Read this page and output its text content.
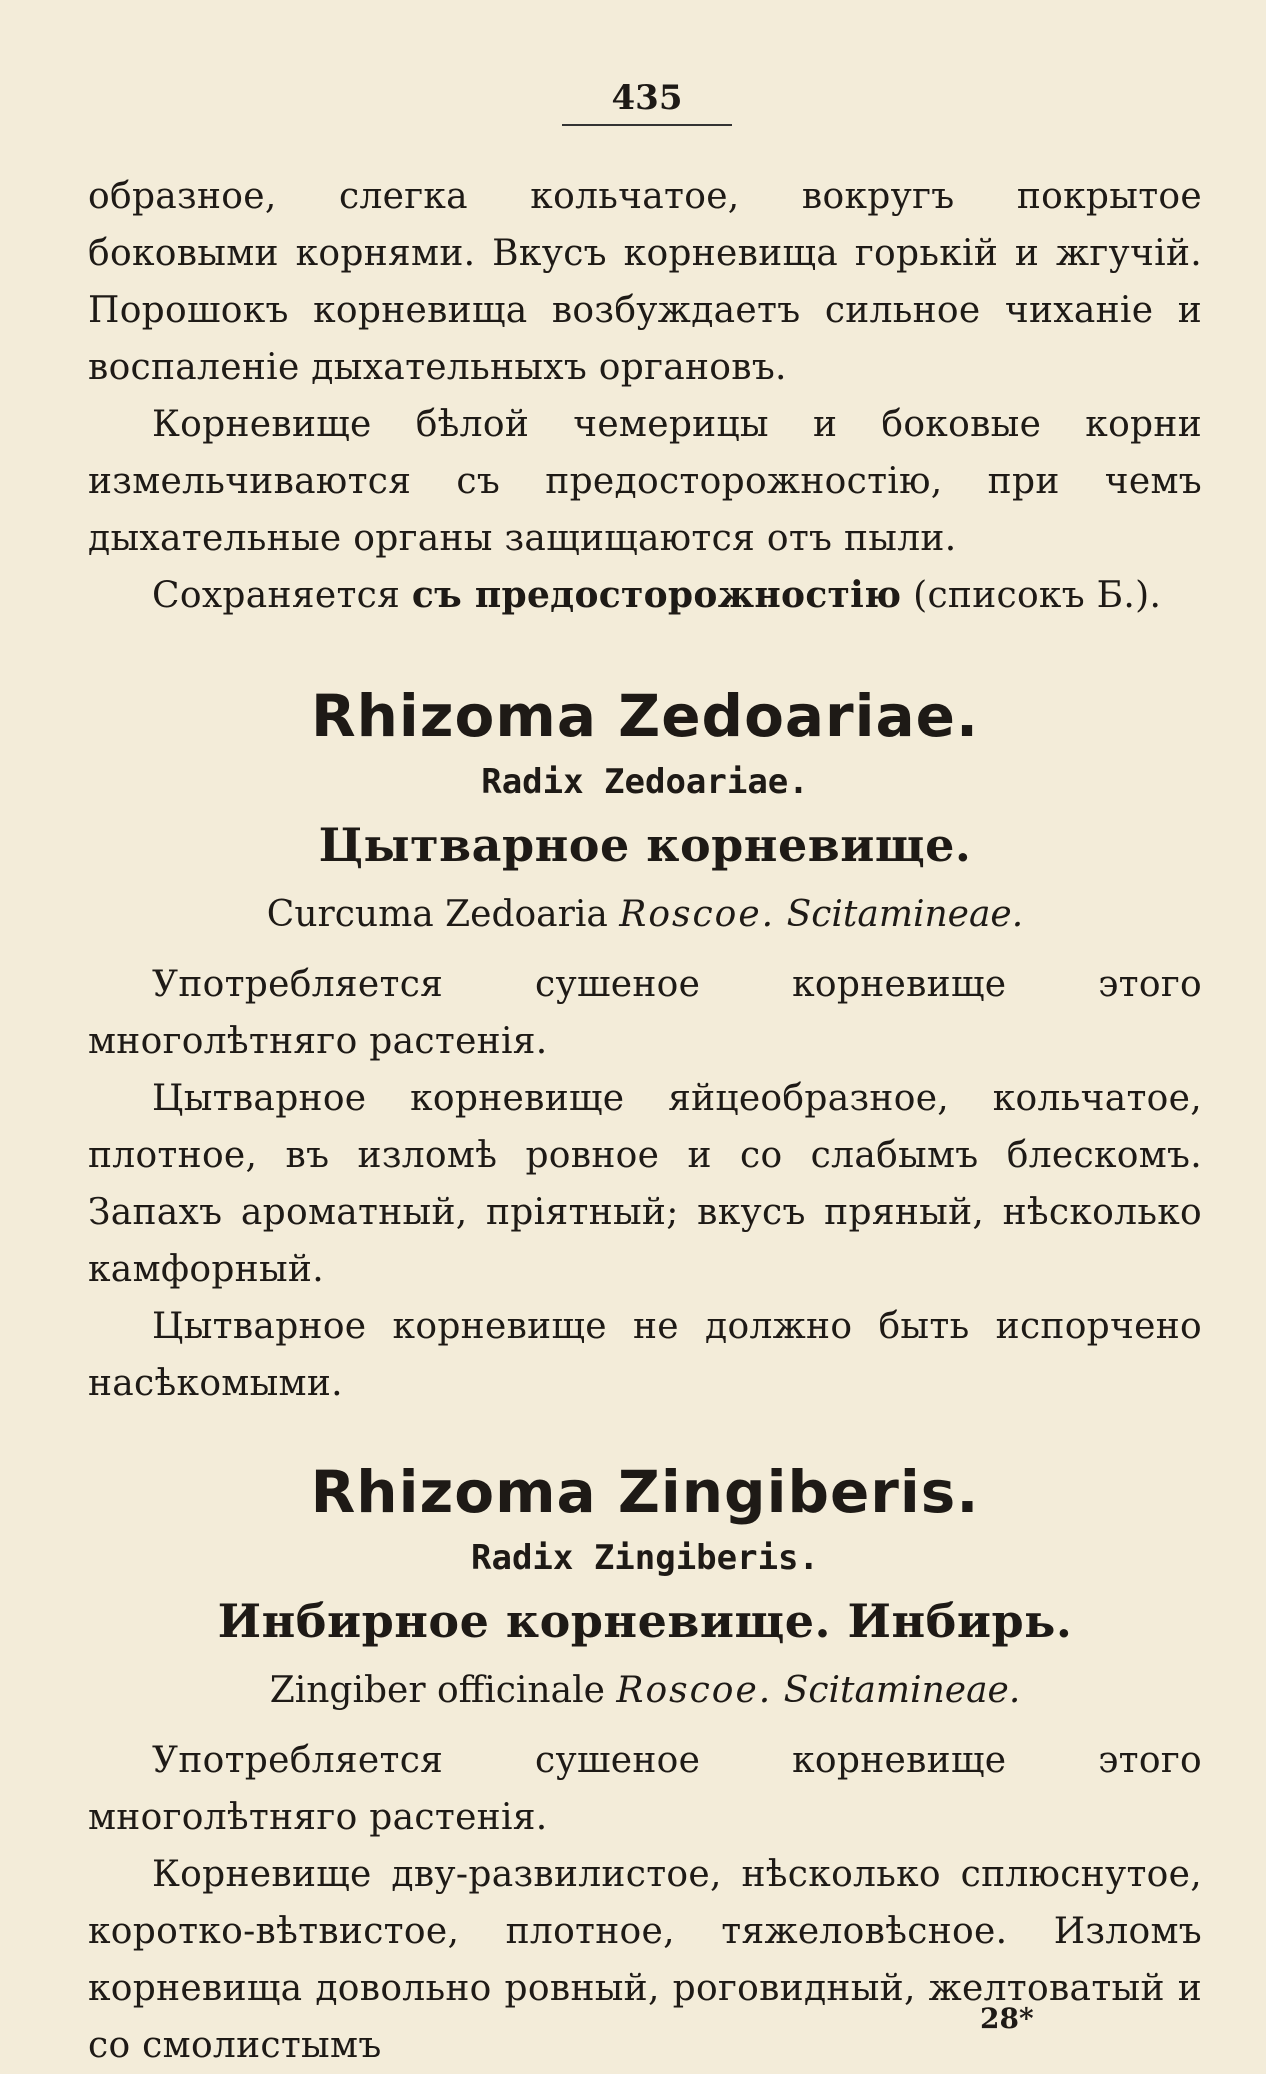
435

образное, слегка кольчатое, вокругъ покрытое боковыми корнями. Вкусъ корневища горькій и жгучій. Порошокъ корневища возбуждаетъ сильное чиханіе и воспаленіе дыхательныхъ органовъ.

Корневище бѣлой чемерицы и боковые корни измельчиваются съ предосторожностію, при чемъ дыхательные органы защищаются отъ пыли.

Сохраняется съ предосторожностію (списокъ Б.).

Rhizoma Zedoariae.
Radix Zedoariae.
Цытварное корневище.
Curcuma Zedoaria Roscoe. Scitamineae.

Употребляется сушеное корневище этого многолѣтняго растенія.

Цытварное корневище яйцеобразное, кольчатое, плотное, въ изломѣ ровное и со слабымъ блескомъ. Запахъ ароматный, пріятный; вкусъ пряный, нѣсколько камфорный.

Цытварное корневище не должно быть испорчено насѣкомыми.

Rhizoma Zingiberis.
Radix Zingiberis.
Инбирное корневище. Инбирь.
Zingiber officinale Roscoe. Scitamineae.

Употребляется сушеное корневище этого многолѣтняго растенія.

Корневище дву-развилистое, нѣсколько сплюснутое, коротко-вѣтвистое, плотное, тяжеловѣсное. Изломъ корневища довольно ровный, роговидный, желтоватый и со смолистымъ

28*
